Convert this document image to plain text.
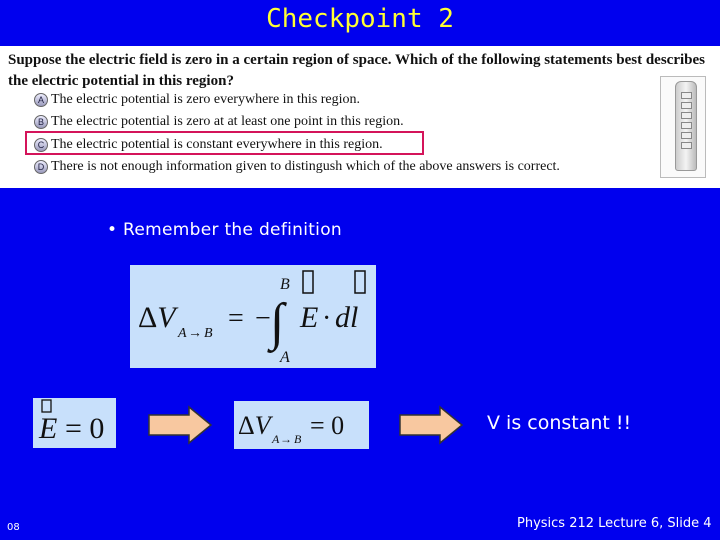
Checkpoint 2
Suppose the electric field is zero in a certain region of space. Which of the following statements best describes the electric potential in this region?
A The electric potential is zero everywhere in this region.
B The electric potential is zero at at least one point in this region.
C The electric potential is constant everywhere in this region.
D There is not enough information given to distingush which of the above answers is correct.
• Remember the definition
ΔV A → B = − ∫
B
A
E · dl
E = 0	ΔV A → B = 0	V is constant !!
08	Physics 212 Lecture 6, Slide 4
